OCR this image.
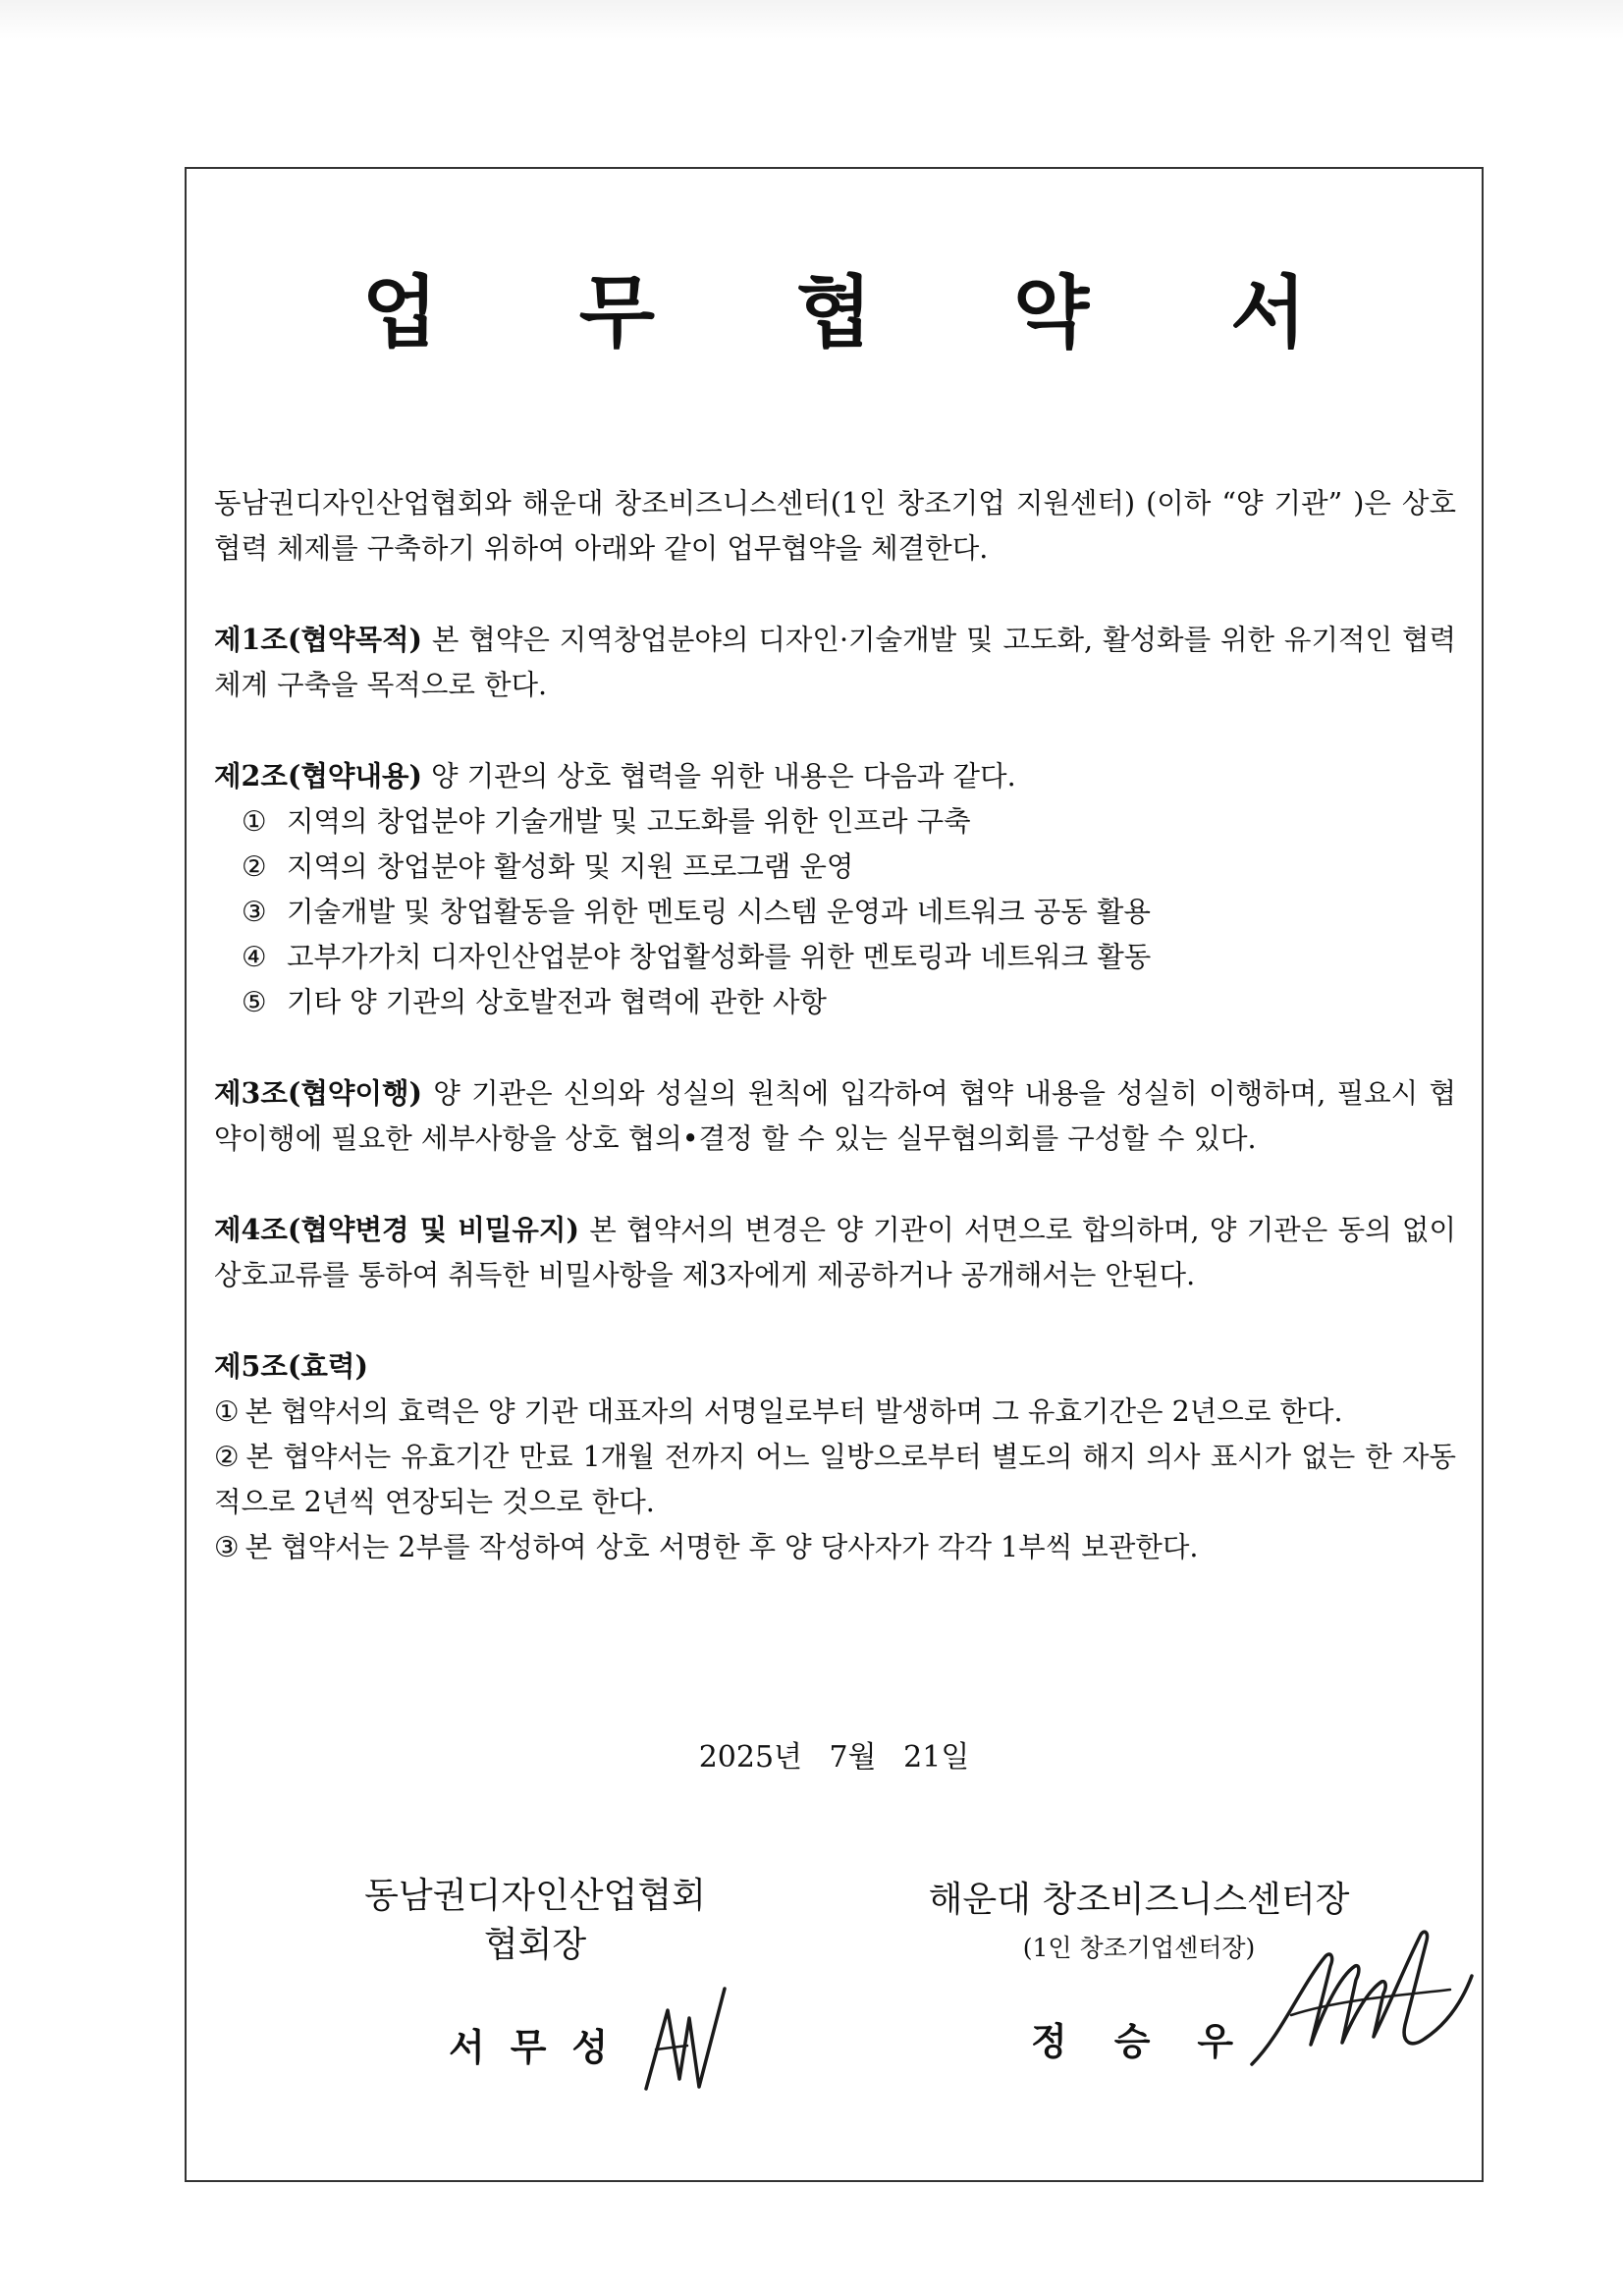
업 무 협 약 서

동남권디자인산업협회와 해운대 창조비즈니스센터(1인 창조기업 지원센터) (이하 “양 기관” )은 상호 협력 체제를 구축하기 위하여 아래와 같이 업무협약을 체결한다.

제1조(협약목적) 본 협약은 지역창업분야의 디자인·기술개발 및 고도화, 활성화를 위한 유기적인 협력체계 구축을 목적으로 한다.

제2조(협약내용) 양 기관의 상호 협력을 위한 내용은 다음과 같다.

① 지역의 창업분야 기술개발 및 고도화를 위한 인프라 구축
② 지역의 창업분야 활성화 및 지원 프로그램 운영
③ 기술개발 및 창업활동을 위한 멘토링 시스템 운영과 네트워크 공동 활용
④ 고부가가치 디자인산업분야 창업활성화를 위한 멘토링과 네트워크 활동
⑤ 기타 양 기관의 상호발전과 협력에 관한 사항

제3조(협약이행) 양 기관은 신의와 성실의 원칙에 입각하여 협약 내용을 성실히 이행하며, 필요시 협약이행에 필요한 세부사항을 상호 협의•결정 할 수 있는 실무협의회를 구성할 수 있다.

제4조(협약변경 및 비밀유지) 본 협약서의 변경은 양 기관이 서면으로 합의하며, 양 기관은 동의 없이 상호교류를 통하여 취득한 비밀사항을 제3자에게 제공하거나 공개해서는 안된다.

제5조(효력)

① 본 협약서의 효력은 양 기관 대표자의 서명일로부터 발생하며 그 유효기간은 2년으로 한다.
② 본 협약서는 유효기간 만료 1개월 전까지 어느 일방으로부터 별도의 해지 의사 표시가 없는 한 자동적으로 2년씩 연장되는 것으로 한다.
③ 본 협약서는 2부를 작성하여 상호 서명한 후 양 당사자가 각각 1부씩 보관한다.
2025년 7월 21일
동남권디자인산업협회
협회장
해운대 창조비즈니스센터장
(1인 창조기업센터장)
서무성	정승우
